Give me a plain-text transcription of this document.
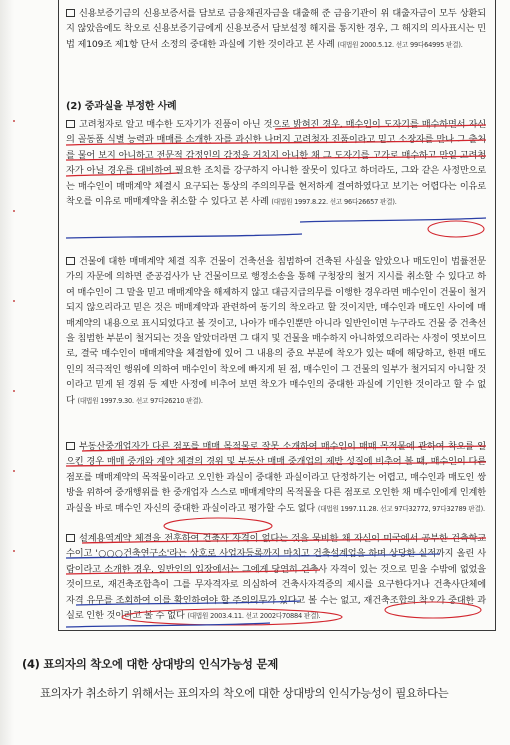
신용보증기금의 신용보증서를 담보로 금융채권자금을 대출해 준 금융기관이 위 대출자금이 모두 상환되지 않았음에도 착오로 신용보증기금에게 신용보증서 담보설정 해지를 통지한 경우, 그 해지의 의사표시는 민법 제109조 제1항 단서 소정의 중대한 과실에 기한 것이라고 본 사례 (대법원 2000.5.12. 선고 99다64995 판결).
(2) 중과실을 부정한 사례
고려청자로 알고 매수한 도자기가 진품이 아닌 것으로 밝혀진 경우, 매수인이 도자기를 매수하면서 자신의 골동품 식별 능력과 매매를 소개한 자를 과신한 나머지 고려청자 진품이라고 믿고 소장자를 만나 그 출처를 물어 보지 아니하고 전문적 감정인의 감정을 거치지 아니한 채 그 도자기를 고가로 매수하고 만일 고려청자가 아닐 경우를 대비하여 필요한 조치를 강구하지 아니한 잘못이 있다고 하더라도, 그와 같은 사정만으로는 매수인이 매매계약 체결시 요구되는 통상의 주의의무를 현저하게 결여하였다고 보기는 어렵다는 이유로 착오를 이유로 매매계약을 취소할 수 있다고 본 사례 (대법원 1997.8.22. 선고 96다26657 판결).
건물에 대한 매매계약 체결 직후 건물이 건축선을 침범하여 건축된 사실을 알았으나 매도인이 법률전문가의 자문에 의하면 준공검사가 난 건물이므로 행정소송을 통해 구청장의 철거 지시를 취소할 수 있다고 하여 매수인이 그 말을 믿고 매매계약을 해제하지 않고 대금지급의무를 이행한 경우라면 매수인이 건물이 철거되지 않으리라고 믿은 것은 매매계약과 관련하여 동기의 착오라고 할 것이지만, 매수인과 매도인 사이에 매매계약의 내용으로 표시되었다고 볼 것이고, 나아가 매수인뿐만 아니라 일반인이면 누구라도 건물 중 건축선을 침범한 부분이 철거되는 것을 알았더라면 그 대지 및 건물을 매수하지 아니하였으리라는 사정이 엿보이므로, 결국 매수인이 매매계약을 체결함에 있어 그 내용의 중요 부분에 착오가 있는 때에 해당하고, 한편 매도인의 적극적인 행위에 의하여 매수인이 착오에 빠지게 된 점, 매수인이 그 건물의 일부가 철거되지 아니할 것이라고 믿게 된 경위 등 제반 사정에 비추어 보면 착오가 매수인의 중대한 과실에 기인한 것이라고 할 수 없다 (대법원 1997.9.30. 선고 97다26210 판결).
부동산중개업자가 다른 점포를 매매 목적물로 잘못 소개하여 매수인이 매매 목적물에 관하여 착오를 일으킨 경우 매매 중개와 계약 체결의 경위 및 부동산 매매 중개업의 제반 성질에 비추어 볼 때, 매수인이 다른 점포를 매매계약의 목적물이라고 오인한 과실이 중대한 과실이라고 단정하기는 어렵고, 매수인과 매도인 쌍방을 위하여 중개행위를 한 중개업자 스스로 매매계약의 목적물을 다른 점포로 오인한 채 매수인에게 인계한 과실을 바로 매수인 자신의 중대한 과실이라고 평가할 수도 없다 (대법원 1997.11.28. 선고 97다32772, 97다32789 판결).
설계용역계약 체결을 전후하여 건축사 자격이 없다는 것을 묵비한 채 자신이 미국에서 공부한 건축학교수이고 '○○○건축연구소'라는 상호로 사업자등록까지 마치고 건축설계업을 하며 상당한 실적까지 올린 사람이라고 소개한 경우, 일반인의 입장에서는 그에게 당연히 건축사 자격이 있는 것으로 믿을 수밖에 없었을 것이므로, 재건축조합측이 그를 무자격자로 의심하여 건축사자격증의 제시를 요구한다거나 건축사단체에 자격 유무를 조회하여 이를 확인하여야 할 주의의무가 있다고 볼 수는 없고, 재건축조합의 착오가 중대한 과실로 인한 것이라고 볼 수 없다 (대법원 2003.4.11. 선고 2002다70884 판결).
(4) 표의자의 착오에 대한 상대방의 인식가능성 문제
표의자가 취소하기 위해서는 표의자의 착오에 대한 상대방의 인식가능성이 필요하다는
